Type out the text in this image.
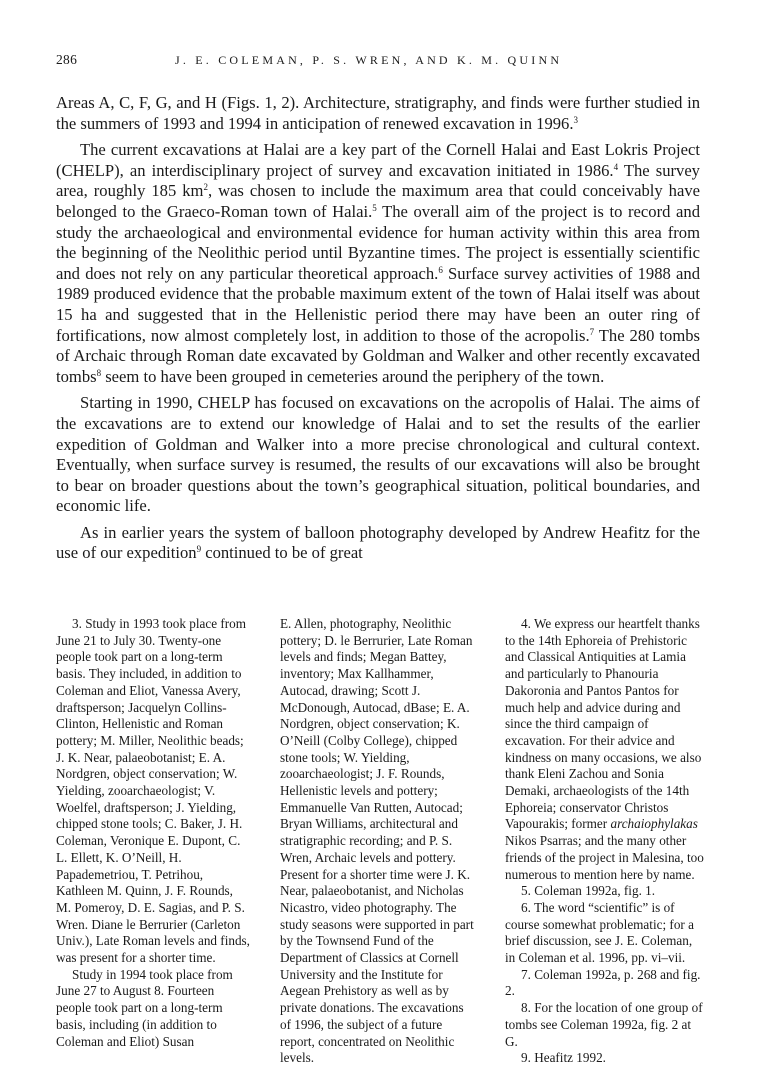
286	J. E. COLEMAN, P. S. WREN, AND K. M. QUINN

Areas A, C, F, G, and H (Figs. 1, 2). Architecture, stratigraphy, and finds were further studied in the summers of 1993 and 1994 in anticipation of renewed excavation in 1996.$^3$

The current excavations at Halai are a key part of the Cornell Halai and East Lokris Project (CHELP), an interdisciplinary project of survey and excavation initiated in 1986.$^4$ The survey area, roughly 185 $km^2$, was chosen to include the maximum area that could conceivably have belonged to the Graeco-Roman town of Halai.$^5$ The overall aim of the project is to record and study the archaeological and environmental evidence for human activity within this area from the beginning of the Neolithic period until Byzantine times. The project is essentially scientific and does not rely on any particular theoretical approach.$^6$ Surface survey activities of 1988 and 1989 produced evidence that the probable maximum extent of the town of Halai itself was about 15 ha and suggested that in the Hellenistic period there may have been an outer ring of fortifications, now almost completely lost, in addition to those of the acropolis.$^7$ The 280 tombs of Archaic through Roman date excavated by Goldman and Walker and other recently excavated tombs$^8$ seem to have been grouped in cemeteries around the periphery of the town.

Starting in 1990, CHELP has focused on excavations on the acropolis of Halai. The aims of the excavations are to extend our knowledge of Halai and to set the results of the earlier expedition of Goldman and Walker into a more precise chronological and cultural context. Eventually, when surface survey is resumed, the results of our excavations will also be brought to bear on broader questions about the town’s geographical situation, political boundaries, and economic life.

As in earlier years the system of balloon photography developed by Andrew Heafitz for the use of our expedition$^9$ continued to be of great

3. Study in 1993 took place from June 21 to July 30. Twenty-one people took part on a long-term basis. They included, in addition to Coleman and Eliot, Vanessa Avery, draftsperson; Jacquelyn Collins-Clinton, Hellenistic and Roman pottery; M. Miller, Neolithic beads; J. K. Near, palaeobotanist; E. A. Nordgren, object conservation; W. Yielding, zooarchaeologist; V. Woelfel, draftsperson; J. Yielding, chipped stone tools; C. Baker, J. H. Coleman, Veronique E. Dupont, C. L. Ellett, K. O’Neill, H. Papademetriou, T. Petrihou, Kathleen M. Quinn, J. F. Rounds, M. Pomeroy, D. E. Sagias, and P. S. Wren. Diane le Berrurier (Carleton Univ.), Late Roman levels and finds, was present for a shorter time.

Study in 1994 took place from June 27 to August 8. Fourteen people took part on a long-term basis, including (in addition to Coleman and Eliot) Susan

E. Allen, photography, Neolithic pottery; D. le Berrurier, Late Roman levels and finds; Megan Battey, inventory; Max Kallhammer, Autocad, drawing; Scott J. McDonough, Autocad, dBase; E. A. Nordgren, object conservation; K. O’Neill (Colby College), chipped stone tools; W. Yielding, zooarchaeologist; J. F. Rounds, Hellenistic levels and pottery; Emmanuelle Van Rutten, Autocad; Bryan Williams, architectural and stratigraphic recording; and P. S. Wren, Archaic levels and pottery. Present for a shorter time were J. K. Near, palaeobotanist, and Nicholas Nicastro, video photography. The study seasons were supported in part by the Townsend Fund of the Department of Classics at Cornell University and the Institute for Aegean Prehistory as well as by private donations. The excavations of 1996, the subject of a future report, concentrated on Neolithic levels.

4. We express our heartfelt thanks to the 14th Ephoreia of Prehistoric and Classical Antiquities at Lamia and particularly to Phanouria Dakoronia and Pantos Pantos for much help and advice during and since the third campaign of excavation. For their advice and kindness on many occasions, we also thank Eleni Zachou and Sonia Demaki, archaeologists of the 14th Ephoreia; conservator Christos Vapourakis; former archaiophylakas Nikos Psarras; and the many other friends of the project in Malesina, too numerous to mention here by name.

5. Coleman 1992a, fig. 1.

6. The word “scientific” is of course somewhat problematic; for a brief discussion, see J. E. Coleman, in Coleman et al. 1996, pp. vi–vii.

7. Coleman 1992a, p. 268 and fig. 2.

8. For the location of one group of tombs see Coleman 1992a, fig. 2 at G.

9. Heafitz 1992.
